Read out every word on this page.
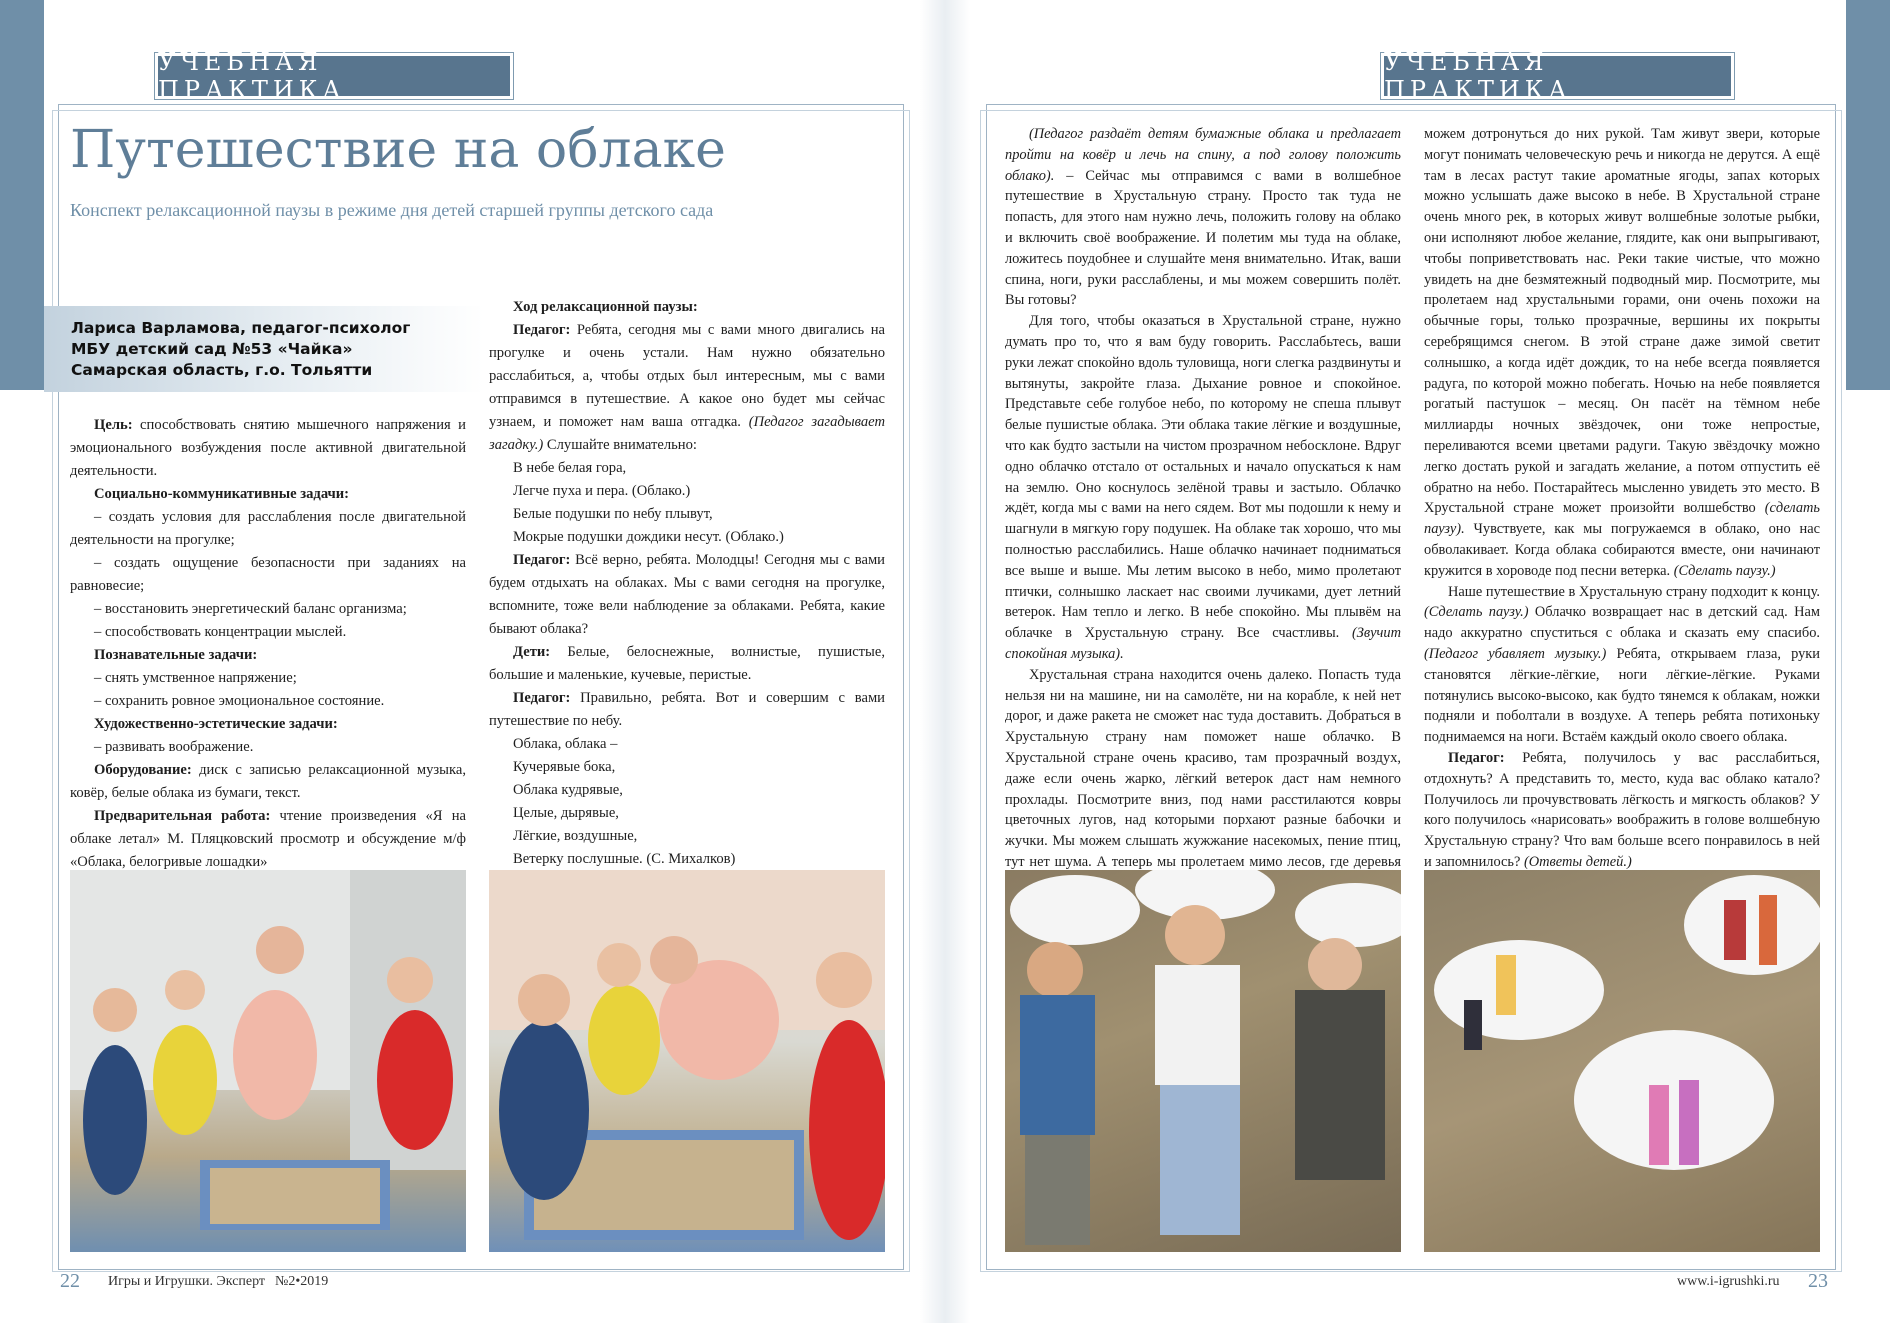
УЧЕБНАЯ ПРАКТИКА
УЧЕБНАЯ ПРАКТИКА
Путешествие на облаке
Конспект релаксационной паузы в режиме дня детей старшей группы детского сада
Лариса Варламова, педагог-психолог
МБУ детский сад №53 «Чайка»
Самарская область, г.о. Тольятти

Цель: способствовать снятию мышечного напряжения и эмоционального возбуждения после активной двигательной деятельности.

Социально-коммуникативные задачи:

– создать условия для расслабления после двигательной деятельности на прогулке;

– создать ощущение безопасности при заданиях на равновесие;

– восстановить энергетический баланс организма;

– способствовать концентрации мыслей.

Познавательные задачи:

– снять умственное напряжение;

– сохранить ровное эмоциональное состояние.

Художественно-эстетические задачи:

– развивать воображение.

Оборудование: диск с записью релаксационной музыка, ковёр, белые облака из бумаги, текст.

Предварительная работа: чтение произведения «Я на облаке летал» М. Пляцковский просмотр и обсуждение м/ф «Облака, белогривые лошадки»

Ход релаксационной паузы:

Педагог: Ребята, сегодня мы с вами много двигались на прогулке и очень устали. Нам нужно обязательно расслабиться, а, чтобы отдых был интересным, мы с вами отправимся в путешествие. А какое оно будет мы сейчас узнаем, и поможет нам ваша отгадка. (Педагог загадывает загадку.) Слушайте внимательно:

В небе белая гора,

Легче пуха и пера. (Облако.)

Белые подушки по небу плывут,

Мокрые подушки дождики несут. (Облако.)

Педагог: Всё верно, ребята. Молодцы! Сегодня мы с вами будем отдыхать на облаках. Мы с вами сегодня на прогулке, вспомните, тоже вели наблюдение за облаками. Ребята, какие бывают облака?

Дети: Белые, белоснежные, волнистые, пушистые, большие и маленькие, кучевые, перистые.

Педагог: Правильно, ребята. Вот и совершим с вами путешествие по небу.

Облака, облака –

Кучерявые бока,

Облака кудрявые,

Целые, дырявые,

Лёгкие, воздушные,

Ветерку послушные. (С. Михалков)

(Педагог раздаёт детям бумажные облака и предлагает пройти на ковёр и лечь на спину, а под голову положить облако). – Сейчас мы отправимся с вами в волшебное путешествие в Хрустальную страну. Просто так туда не попасть, для этого нам нужно лечь, положить голову на облако и включить своё воображение. И полетим мы туда на облаке, ложитесь поудобнее и слушайте меня внимательно. Итак, ваши спина, ноги, руки расслаблены, и мы можем совершить полёт. Вы готовы?

Для того, чтобы оказаться в Хрустальной стране, нужно думать про то, что я вам буду говорить. Расслабьтесь, ваши руки лежат спокойно вдоль туловища, ноги слегка раздвинуты и вытянуты, закройте глаза. Дыхание ровное и спокойное. Представьте себе голубое небо, по которому не спеша плывут белые пушистые облака. Эти облака такие лёгкие и воздушные, что как будто застыли на чистом прозрачном небосклоне. Вдруг одно облачко отстало от остальных и начало опускаться к нам на землю. Оно коснулось зелёной травы и застыло. Облачко ждёт, когда мы с вами на него сядем. Вот мы подошли к нему и шагнули в мягкую гору подушек. На облаке так хорошо, что мы полностью расслабились. Наше облачко начинает подниматься все выше и выше. Мы летим высоко в небо, мимо пролетают птички, солнышко ласкает нас своими лучиками, дует летний ветерок. Нам тепло и легко. В небе спокойно. Мы плывём на облачке в Хрустальную страну. Все счастливы. (Звучит спокойная музыка).

Хрустальная страна находится очень далеко. Попасть туда нельзя ни на машине, ни на самолёте, ни на корабле, к ней нет дорог, и даже ракета не сможет нас туда доставить. Добраться в Хрустальную страну нам поможет наше облачко. В Хрустальной стране очень красиво, там прозрачный воздух, даже если очень жарко, лёгкий ветерок даст нам немного прохлады. Посмотрите вниз, под нами расстилаются ковры цветочных лугов, над которыми порхают разные бабочки и жучки. Мы можем слышать жужжание насекомых, пение птиц, тут нет шума. А теперь мы пролетаем мимо лесов, где деревья

можем дотронуться до них рукой. Там живут звери, которые могут понимать человеческую речь и никогда не дерутся. А ещё там в лесах растут такие ароматные ягоды, запах которых можно услышать даже высоко в небе. В Хрустальной стране очень много рек, в которых живут волшебные золотые рыбки, они исполняют любое желание, глядите, как они выпрыгивают, чтобы поприветствовать нас. Реки такие чистые, что можно увидеть на дне безмятежный подводный мир. Посмотрите, мы пролетаем над хрустальными горами, они очень похожи на обычные горы, только прозрачные, вершины их покрыты серебрящимся снегом. В этой стране даже зимой светит солнышко, а когда идёт дождик, то на небе всегда появляется радуга, по которой можно побегать. Ночью на небе появляется рогатый пастушок – месяц. Он пасёт на тёмном небе миллиарды ночных звёздочек, они тоже непростые, переливаются всеми цветами радуги. Такую звёздочку можно легко достать рукой и загадать желание, а потом отпустить её обратно на небо. Постарайтесь мысленно увидеть это место. В Хрустальной стране может произойти волшебство (сделать паузу). Чувствуете, как мы погружаемся в облако, оно нас обволакивает. Когда облака собираются вместе, они начинают кружится в хороводе под песни ветерка. (Сделать паузу.)

Наше путешествие в Хрустальную страну подходит к концу. (Сделать паузу.) Облачко возвращает нас в детский сад. Нам надо аккуратно спуститься с облака и сказать ему спасибо. (Педагог убавляет музыку.) Ребята, открываем глаза, руки становятся лёгкие-лёгкие, ноги лёгкие-лёгкие. Руками потянулись высоко-высоко, как будто тянемся к облакам, ножки подняли и поболтали в воздухе. А теперь ребята потихоньку поднимаемся на ноги. Встаём каждый около своего облака.

Педагог: Ребята, получилось у вас расслабиться, отдохнуть? А представить то, место, куда вас облако катало? Получилось ли прочувствовать лёгкость и мягкость облаков? У кого получилось «нарисовать» воображить в голове волшебную Хрустальную страну? Что вам больше всего понравилось в ней и запомнилось? (Ответы детей.)

22 Игры и Игрушки. Эксперт №2•2019	www.i-igrushki.ru 23
